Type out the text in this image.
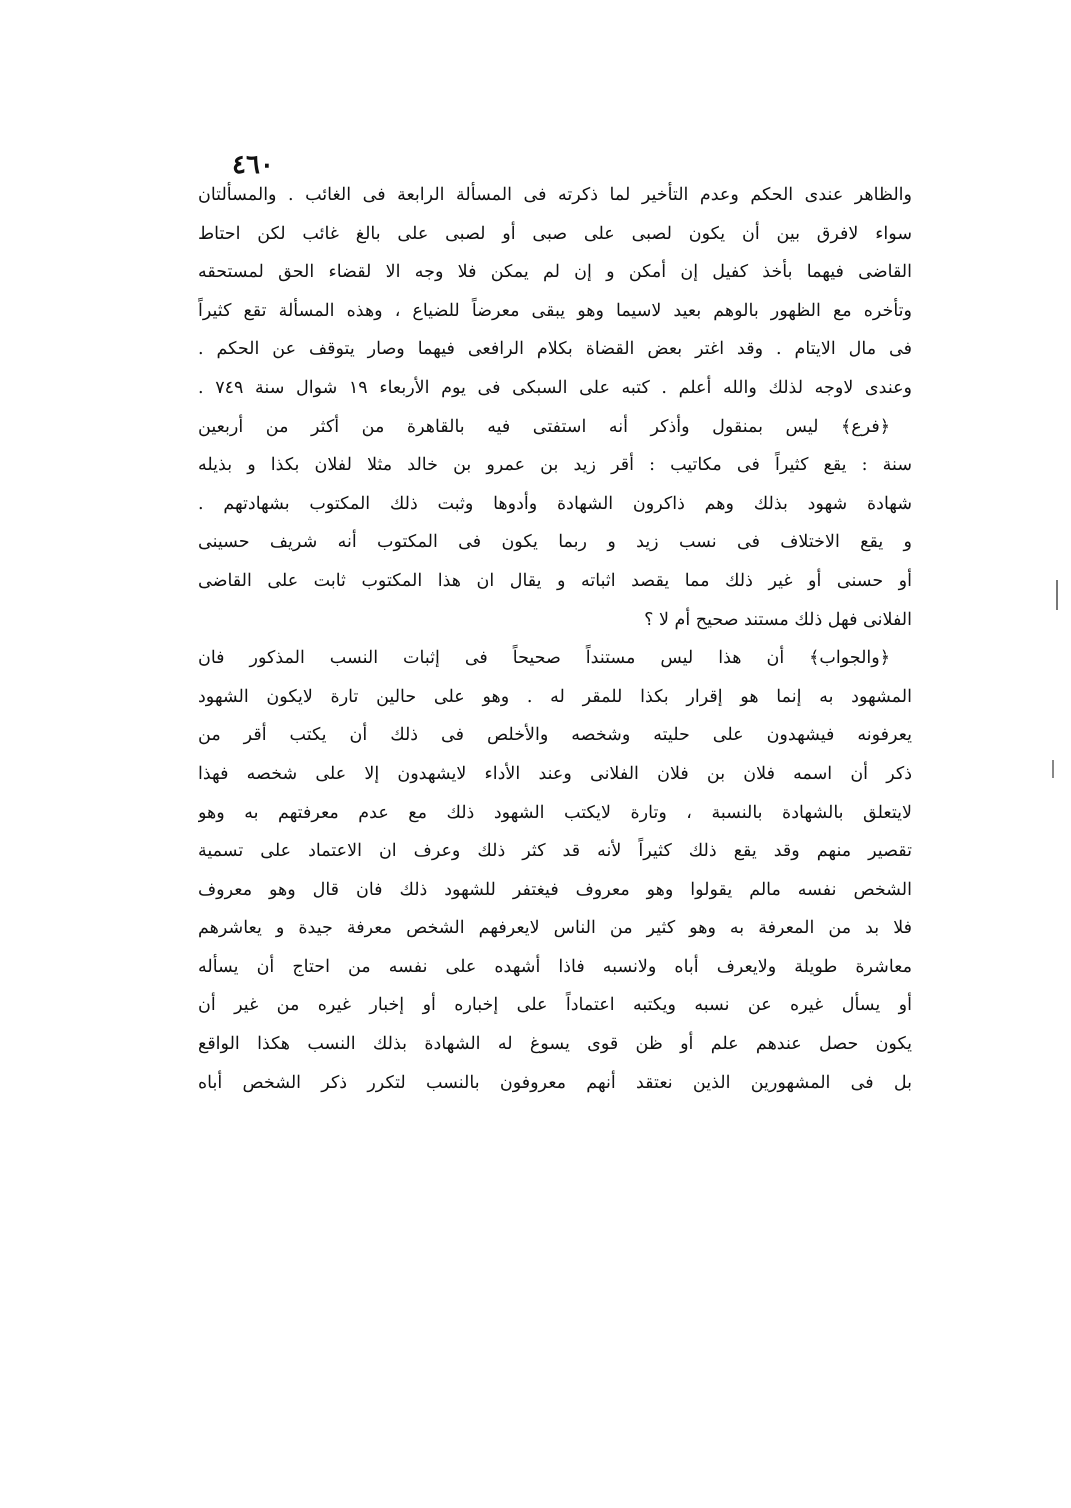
٤٦٠
والظاهر عندى الحكم وعدم التأخير لما ذكرته فى المسألة الرابعة فى الغائب . والمسألتان
سواء لافرق بين أن يكون لصبى على صبى أو لصبى على بالغ غائب لكن احتاط
القاضى فيهما بأخذ كفيل إن أمكن و إن لم يمكن فلا وجه الا لقضاء الحق لمستحقه
وتأخره مع الظهور بالوهم بعيد لاسيما وهو يبقى معرضاً للضياع ، وهذه المسألة تقع كثيراً
فى مال الايتام . وقد اغتر بعض القضاة بكلام الرافعى فيهما وصار يتوقف عن الحكم .
وعندى لاوجه لذلك والله أعلم . كتبه على السبكى فى يوم الأربعاء ١٩ شوال سنة ٧٤٩ .
﴿فرع﴾ ليس بمنقول وأذكر أنه استفتى فيه بالقاهرة من أكثر من أربعين
سنة : يقع كثيراً فى مكاتيب : أقر زيد بن عمرو بن خالد مثلا لفلان بكذا و بذيله
شهادة شهود بذلك وهم ذاكرون الشهادة وأدوها وثبت ذلك المكتوب بشهادتهم .
و يقع الاختلاف فى نسب زيد و ربما يكون فى المكتوب أنه شريف حسينى
أو حسنى أو غير ذلك مما يقصد اثباته و يقال ان هذا المكتوب ثابت على القاضى
الفلانى فهل ذلك مستند صحيح أم لا ؟
﴿والجواب﴾ أن هذا ليس مستنداً صحيحاً فى إثبات النسب المذكور فان
المشهود به إنما هو إقرار بكذا للمقر له . وهو على حالين تارة لايكون الشهود
يعرفونه فيشهدون على حليته وشخصه والأخلص فى ذلك أن يكتب أقر من
ذكر أن اسمه فلان بن فلان الفلانى وعند الأداء لايشهدون إلا على شخصه فهذا
لايتعلق بالشهادة بالنسبة ، وتارة لايكتب الشهود ذلك مع عدم معرفتهم به وهو
تقصير منهم وقد يقع ذلك كثيراً لأنه قد كثر ذلك وعرف ان الاعتماد على تسمية
الشخص نفسه مالم يقولوا وهو معروف فيغتفر للشهود ذلك فان قال وهو معروف
فلا بد من المعرفة به وهو كثير من الناس لايعرفهم الشخص معرفة جيدة و يعاشرهم
معاشرة طويلة ولايعرف أباه ولانسبه فاذا أشهده على نفسه من احتاج أن يسأله
أو يسأل غيره عن نسبه ويكتبه اعتماداً على إخباره أو إخبار غيره من غير أن
يكون حصل عندهم علم أو ظن قوى يسوغ له الشهادة بذلك النسب هكذا الواقع
بل فى المشهورين الذين نعتقد أنهم معروفون بالنسب لتكرر ذكر الشخص أباه
